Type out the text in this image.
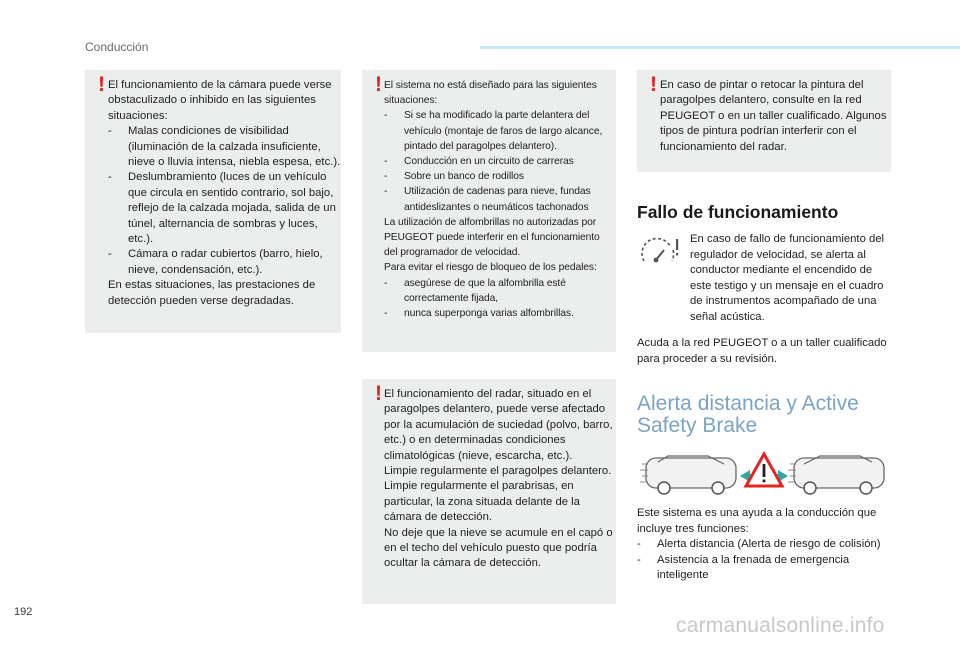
Conducción
! El funcionamiento de la cámara puede verse obstaculizado o inhibido en las siguientes situaciones:

- Malas condiciones de visibilidad (iluminación de la calzada insuficiente, nieve o lluvia intensa, niebla espesa, etc.).

- Deslumbramiento (luces de un vehículo que circula en sentido contrario, sol bajo, reflejo de la calzada mojada, salida de un túnel, alternancia de sombras y luces, etc.).

- Cámara o radar cubiertos (barro, hielo, nieve, condensación, etc.).

En estas situaciones, las prestaciones de detección pueden verse degradadas.

! El sistema no está diseñado para las siguientes situaciones:

- Si se ha modificado la parte delantera del vehículo (montaje de faros de largo alcance, pintado del paragolpes delantero).

- Conducción en un circuito de carreras

- Sobre un banco de rodillos

- Utilización de cadenas para nieve, fundas antideslizantes o neumáticos tachonados

La utilización de alfombrillas no autorizadas por PEUGEOT puede interferir en el funcionamiento del programador de velocidad.

Para evitar el riesgo de bloqueo de los pedales:

- asegúrese de que la alfombrilla esté correctamente fijada,

- nunca superponga varias alfombrillas.

! El funcionamiento del radar, situado en el paragolpes delantero, puede verse afectado por la acumulación de suciedad (polvo, barro, etc.) o en determinadas condiciones climatológicas (nieve, escarcha, etc.).

Limpie regularmente el paragolpes delantero.

Limpie regularmente el parabrisas, en particular, la zona situada delante de la cámara de detección.

No deje que la nieve se acumule en el capó o en el techo del vehículo puesto que podría ocultar la cámara de detección.

! En caso de pintar o retocar la pintura del paragolpes delantero, consulte en la red PEUGEOT o en un taller cualificado. Algunos tipos de pintura podrían interferir con el funcionamiento del radar.
Fallo de funcionamiento
En caso de fallo de funcionamiento del regulador de velocidad, se alerta al conductor mediante el encendido de este testigo y un mensaje en el cuadro de instrumentos acompañado de una señal acústica.
Acuda a la red PEUGEOT o a un taller cualificado para proceder a su revisión.
Alerta distancia y Active
Safety Brake

Este sistema es una ayuda a la conducción que incluye tres funciones:

- Alerta distancia (Alerta de riesgo de colisión)

- Asistencia a la frenada de emergencia inteligente

192
carmanualsonline.info
